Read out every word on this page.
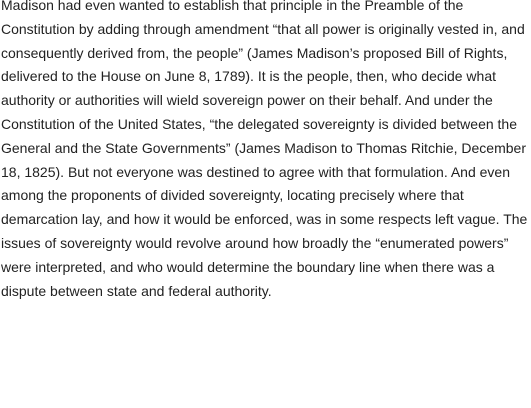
Madison had even wanted to establish that principle in the Preamble of the Constitution by adding through amendment “that all power is originally vested in, and consequently derived from, the people” (James Madison’s proposed Bill of Rights, delivered to the House on June 8, 1789). It is the people, then, who decide what authority or authorities will wield sovereign power on their behalf. And under the Constitution of the United States, “the delegated sovereignty is divided between the General and the State Governments” (James Madison to Thomas Ritchie, December 18, 1825). But not everyone was destined to agree with that formulation. And even among the proponents of divided sovereignty, locating precisely where that demarcation lay, and how it would be enforced, was in some respects left vague. The issues of sovereignty would revolve around how broadly the “enumerated powers” were interpreted, and who would determine the boundary line when there was a dispute between state and federal authority.
